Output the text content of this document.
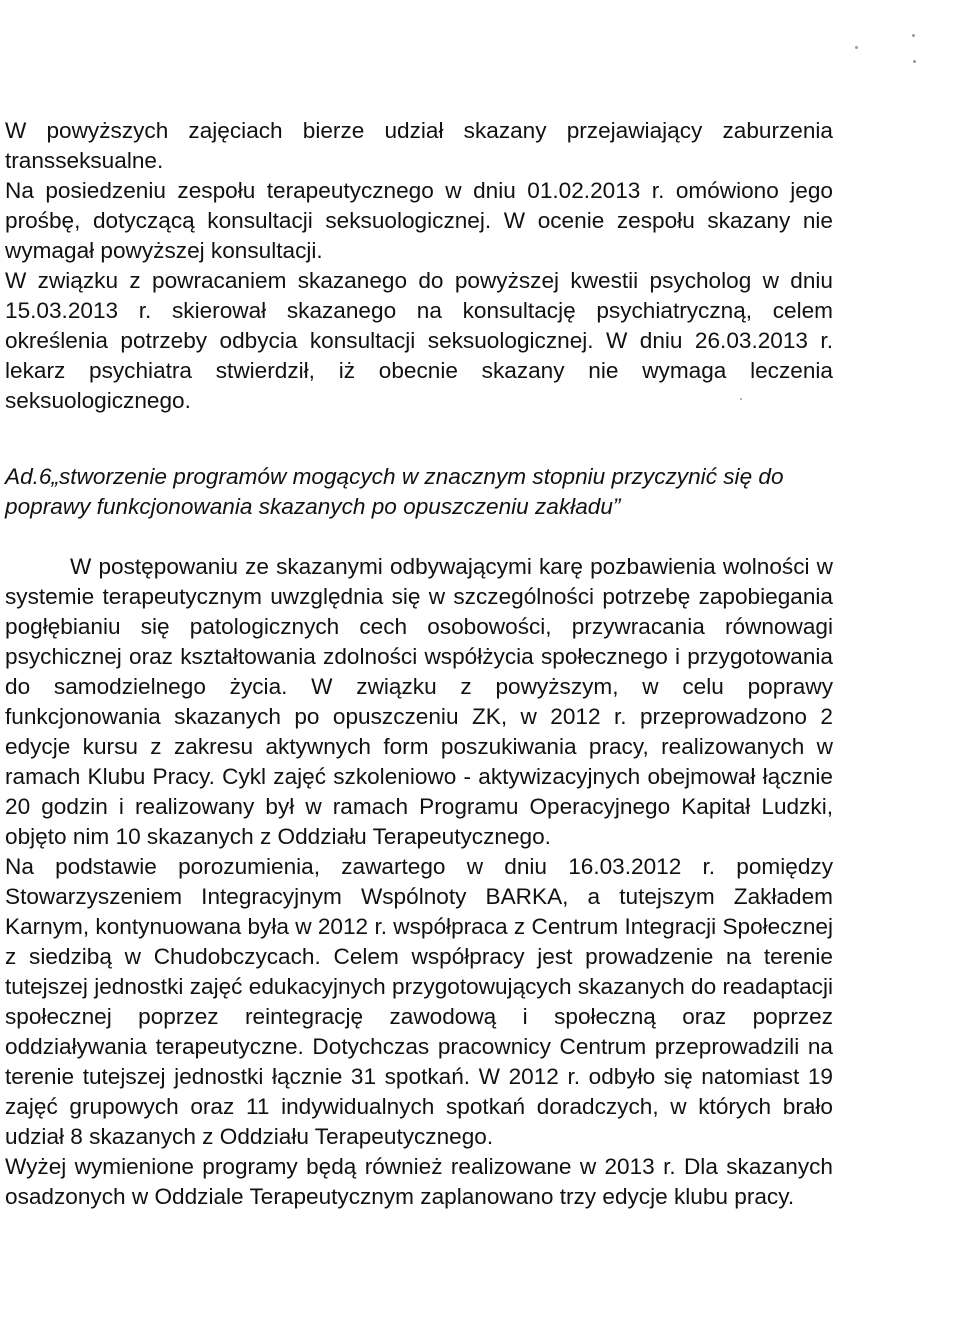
W powyższych zajęciach bierze udział skazany przejawiający zaburzenia transseksualne.

Na posiedzeniu zespołu terapeutycznego w dniu 01.02.2013 r. omówiono jego prośbę, dotyczącą konsultacji seksuologicznej. W ocenie zespołu skazany nie wymagał powyższej konsultacji.

W związku z powracaniem skazanego do powyższej kwestii psycholog w dniu 15.03.2013 r. skierował skazanego na konsultację psychiatryczną, celem określenia potrzeby odbycia konsultacji seksuologicznej. W dniu 26.03.2013 r. lekarz psychiatra stwierdził, iż obecnie skazany nie wymaga leczenia seksuologicznego.

Ad.6„stworzenie programów mogących w znacznym stopniu przyczynić się do poprawy funkcjonowania skazanych po opuszczeniu zakładu”

W postępowaniu ze skazanymi odbywającymi karę pozbawienia wolności w systemie terapeutycznym uwzględnia się w szczególności potrzebę zapobiegania pogłębianiu się patologicznych cech osobowości, przywracania równowagi psychicznej oraz kształtowania zdolności współżycia społecznego i przygotowania do samodzielnego życia. W związku z powyższym, w celu poprawy funkcjonowania skazanych po opuszczeniu ZK, w 2012 r. przeprowadzono 2 edycje kursu z zakresu aktywnych form poszukiwania pracy, realizowanych w ramach Klubu Pracy. Cykl zajęć szkoleniowo - aktywizacyjnych obejmował łącznie 20 godzin i realizowany był w ramach Programu Operacyjnego Kapitał Ludzki, objęto nim 10 skazanych z Oddziału Terapeutycznego.

Na podstawie porozumienia, zawartego w dniu 16.03.2012 r. pomiędzy Stowarzyszeniem Integracyjnym Wspólnoty BARKA, a tutejszym Zakładem Karnym, kontynuowana była w 2012 r. współpraca z Centrum Integracji Społecznej z siedzibą w Chudobczycach. Celem współpracy jest prowadzenie na terenie tutejszej jednostki zajęć edukacyjnych przygotowujących skazanych do readaptacji społecznej poprzez reintegrację zawodową i społeczną oraz poprzez oddziaływania terapeutyczne. Dotychczas pracownicy Centrum przeprowadzili na terenie tutejszej jednostki łącznie 31 spotkań. W 2012 r. odbyło się natomiast 19 zajęć grupowych oraz 11 indywidualnych spotkań doradczych, w których brało udział 8 skazanych z Oddziału Terapeutycznego.

Wyżej wymienione programy będą również realizowane w 2013 r. Dla skazanych osadzonych w Oddziale Terapeutycznym zaplanowano trzy edycje klubu pracy.
